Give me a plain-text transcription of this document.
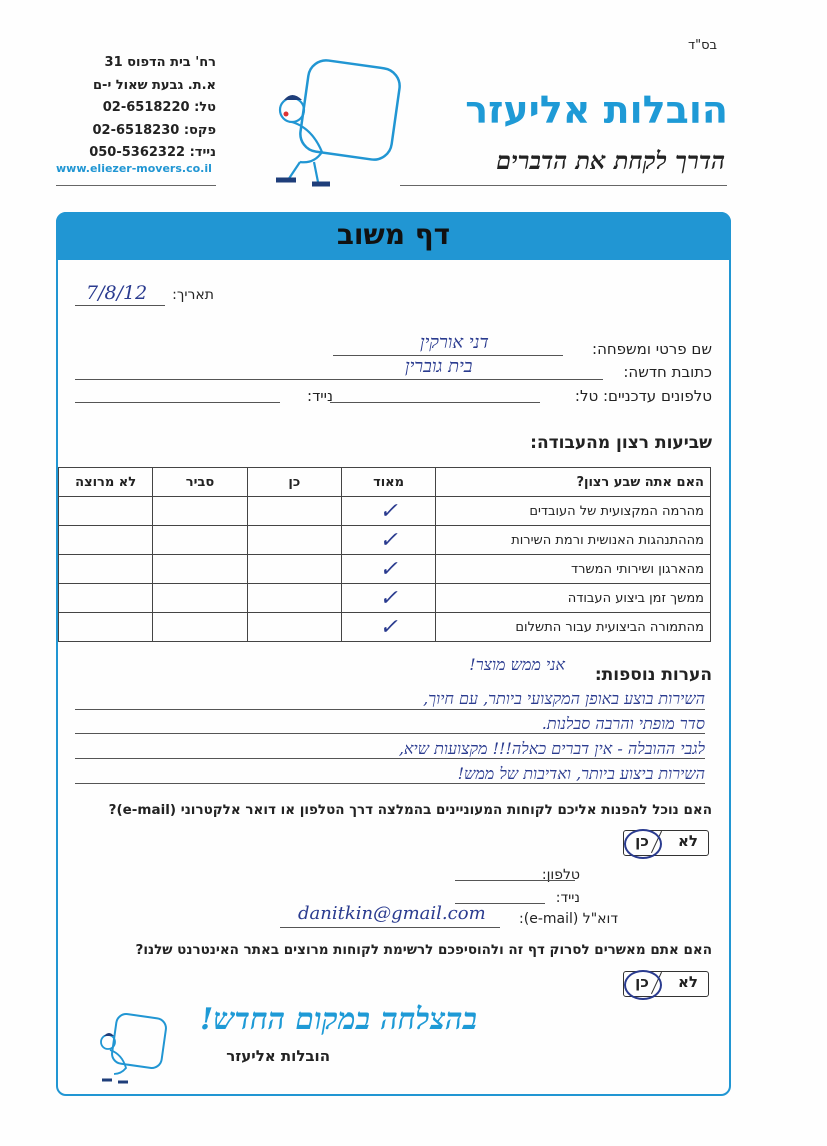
בס"ד
רח' בית הדפוס 31
א.ת. גבעת שאול י-ם
טל: 02-6518220
פקס: 02-6518230
נייד: 050-5362322
www.eliezer-movers.co.il
הובלות אליעזר
הדרך לקחת את הדברים
דף משוב
תאריך:
7/8/12
שם פרטי ומשפחה:
דני אורקין
כתובת חדשה:
בית גוברין
טלפונים עדכניים: טל:
נייד:
שביעות רצון מהעבודה:
האם אתה שבע רצון?	מאוד	כן	סביר	לא מרוצה
מהרמה המקצועית של העובדים	✓			
מההתנהגות האנושית ורמת השירות	✓			
מהארגון ושירותי המשרד	✓			
ממשך זמן ביצוע העבודה	✓			
מהתמורה הביצועית עבור התשלום	✓			
הערות נוספות:
אני ממש מוצר!
השירות בוצע באופן המקצועי ביותר, עם חיוך,
סדר מופתי והרבה סבלנות.
לגבי ההובלה - אין דברים כאלה!!! מקצועות שיא,
השירות ביצוע ביותר, ואדיבות של ממש!
האם נוכל להפנות אליכם לקוחות המעוניינים בהמלצה דרך הטלפון או דואר אלקטרוני (e-mail)?
לא
כן
טלפון:
נייד:
דוא"ל (e-mail):
danitkin@gmail.com
האם אתם מאשרים לסרוק דף זה ולהוסיפכם לרשימת לקוחות מרוצים באתר האינטרנט שלנו?
לא
כן
בהצלחה במקום החדש!
הובלות אליעזר
